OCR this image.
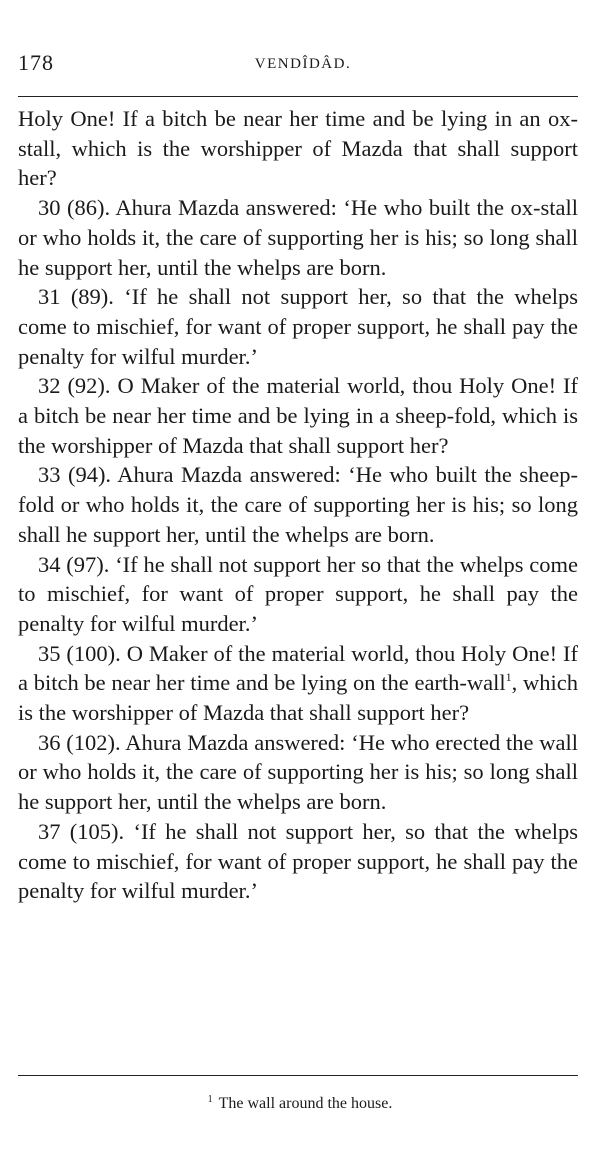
178	VENDÎDÂD.

Holy One! If a bitch be near her time and be lying in an ox-stall, which is the worshipper of Mazda that shall support her?

30 (86). Ahura Mazda answered: ‘He who built the ox-stall or who holds it, the care of supporting her is his; so long shall he support her, until the whelps are born.

31 (89). ‘If he shall not support her, so that the whelps come to mischief, for want of proper support, he shall pay the penalty for wilful murder.’

32 (92). O Maker of the material world, thou Holy One! If a bitch be near her time and be lying in a sheep-fold, which is the worshipper of Mazda that shall support her?

33 (94). Ahura Mazda answered: ‘He who built the sheep-fold or who holds it, the care of supporting her is his; so long shall he support her, until the whelps are born.

34 (97). ‘If he shall not support her so that the whelps come to mischief, for want of proper support, he shall pay the penalty for wilful murder.’

35 (100). O Maker of the material world, thou Holy One! If a bitch be near her time and be lying on the earth-wall$^1$, which is the worshipper of Mazda that shall support her?

36 (102). Ahura Mazda answered: ‘He who erected the wall or who holds it, the care of supporting her is his; so long shall he support her, until the whelps are born.

37 (105). ‘If he shall not support her, so that the whelps come to mischief, for want of proper support, he shall pay the penalty for wilful murder.’

$^1$ The wall around the house.
